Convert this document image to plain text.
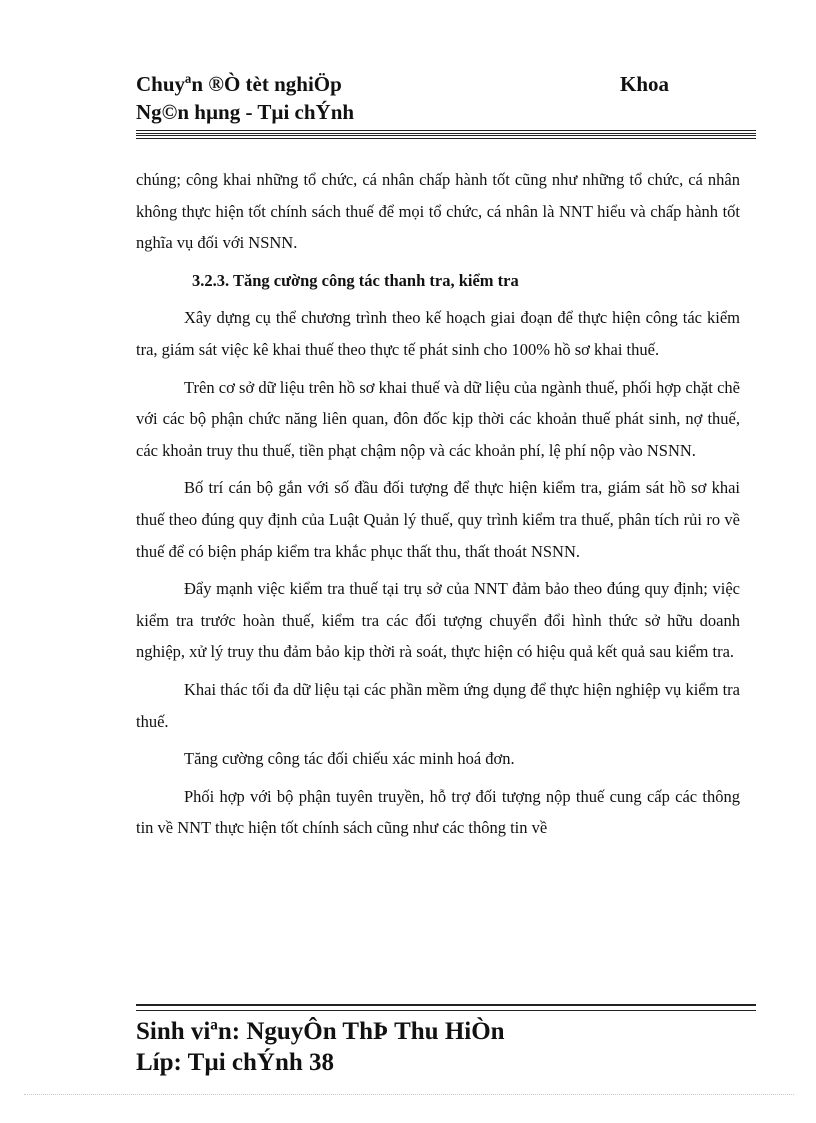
Chuyªn ®Ò tèt nghiÖp	Khoa
Ng©n hµng - Tµi chÝnh

chúng; công khai những tổ chức, cá nhân chấp hành tốt cũng như những tổ chức, cá nhân không thực hiện tốt chính sách thuế để mọi tổ chức, cá nhân là NNT hiểu và chấp hành tốt nghĩa vụ đối với NSNN.

3.2.3. Tăng cường công tác thanh tra, kiểm tra

Xây dựng cụ thể chương trình theo kế hoạch giai đoạn để thực hiện công tác kiểm tra, giám sát việc kê khai thuế theo thực tế phát sinh cho 100% hồ sơ khai thuế.

Trên cơ sở dữ liệu trên hồ sơ khai thuế và dữ liệu của ngành thuế, phối hợp chặt chẽ với các bộ phận chức năng liên quan, đôn đốc kịp thời các khoản thuế phát sinh, nợ thuế, các khoản truy thu thuế, tiền phạt chậm nộp và các khoản phí, lệ phí nộp vào NSNN.

Bố trí cán bộ gắn với số đầu đối tượng để thực hiện kiểm tra, giám sát hồ sơ khai thuế theo đúng quy định của Luật Quản lý thuế, quy trình kiểm tra thuế, phân tích rủi ro về thuế để có biện pháp kiểm tra khắc phục thất thu, thất thoát NSNN.

Đẩy mạnh việc kiểm tra thuế tại trụ sở của NNT đảm bảo theo đúng quy định; việc kiểm tra trước hoàn thuế, kiểm tra các đối tượng chuyển đổi hình thức sở hữu doanh nghiệp, xử lý truy thu đảm bảo kịp thời rà soát, thực hiện có hiệu quả kết quả sau kiểm tra.

Khai thác tối đa dữ liệu tại các phần mềm ứng dụng để thực hiện nghiệp vụ kiểm tra thuế.

Tăng cường công tác đối chiếu xác minh hoá đơn.

Phối hợp với bộ phận tuyên truyền, hỗ trợ đối tượng nộp thuế cung cấp các thông tin về NNT thực hiện tốt chính sách cũng như các thông tin về

Sinh viªn: NguyÔn ThÞ Thu HiÒn
Líp: Tµi chÝnh 38
